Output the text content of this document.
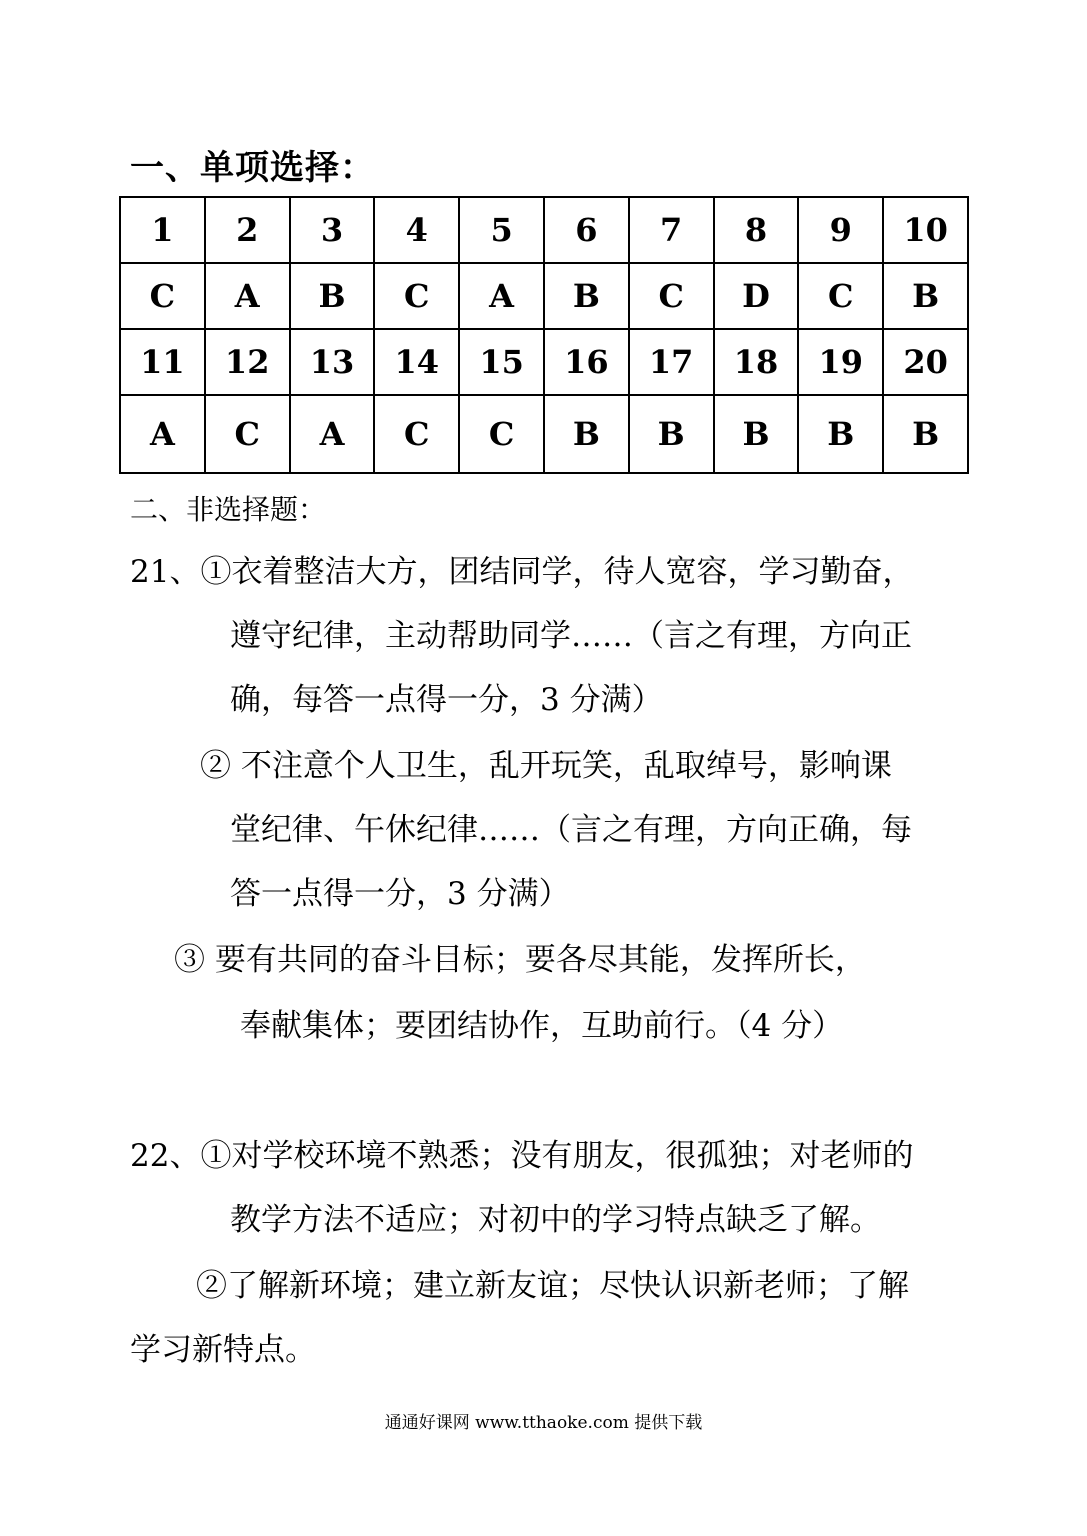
一、单项选择：
1	2	3	4	5	6	7	8	9	10
C	A	B	C	A	B	C	D	C	B
11	12	13	14	15	16	17	18	19	20
A	C	A	C	C	B	B	B	B	B
二、非选择题：
21、①衣着整洁大方，团结同学，待人宽容，学习勤奋，
遵守纪律，主动帮助同学……（言之有理，方向正
确，每答一点得一分，3 分满）
② 不注意个人卫生，乱开玩笑，乱取绰号，影响课
堂纪律、午休纪律……（言之有理，方向正确，每
答一点得一分，3 分满）
③ 要有共同的奋斗目标；要各尽其能，发挥所长，
奉献集体；要团结协作，互助前行。（4 分）
22、①对学校环境不熟悉；没有朋友，很孤独；对老师的
教学方法不适应；对初中的学习特点缺乏了解。
②了解新环境；建立新友谊；尽快认识新老师；了解
学习新特点。
通通好课网 www.tthaoke.com 提供下载
